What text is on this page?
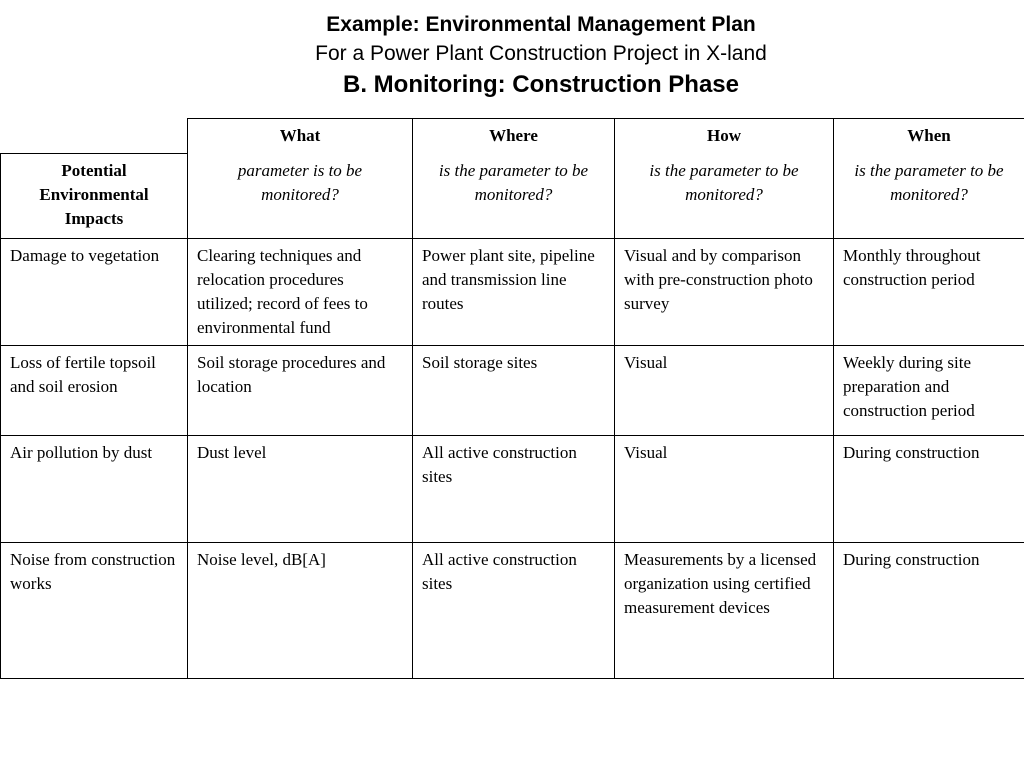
Example: Environmental Management Plan
For a Power Plant Construction Project in X-land
B. Monitoring: Construction Phase
	What	Where	How	When
Potential Environmental Impacts	parameter is to be monitored?	is the parameter to be monitored?	is the parameter to be monitored?	is the parameter to be monitored?
Damage to vegetation	Clearing techniques and relocation procedures utilized; record of fees to environmental fund	Power plant site, pipeline and transmission line routes	Visual and by comparison with pre-construction photo survey	Monthly throughout construction period
Loss of fertile topsoil and soil erosion	Soil storage procedures and location	Soil storage sites	Visual	Weekly during site preparation and construction period
Air pollution by dust	Dust level	All active construction sites	Visual	During construction
Noise from construction works	Noise level, dB[A]	All active construction sites	Measurements by a licensed organization using certified measurement devices	During construction
